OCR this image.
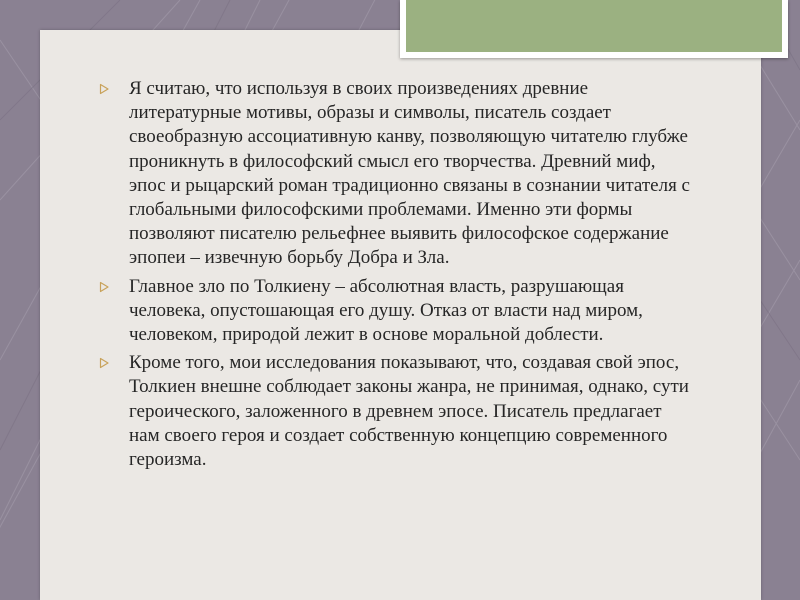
Я считаю, что используя в своих произведениях древние литературные мотивы, образы и символы, писатель создает своеобразную ассоциативную канву, позволяющую читателю глубже проникнуть в философский смысл его творчества. Древний миф, эпос и рыцарский роман традиционно связаны в сознании читателя с глобальными философскими проблемами. Именно эти формы позволяют писателю рельефнее выявить философское содержание эпопеи – извечную борьбу Добра и Зла.
Главное зло по Толкиену – абсолютная власть, разрушающая человека, опустошающая его душу. Отказ от власти над миром, человеком, природой лежит в основе моральной доблести.
Кроме того, мои исследования показывают, что, создавая свой эпос, Толкиен внешне соблюдает законы жанра, не принимая, однако, сути героического, заложенного в древнем эпосе. Писатель предлагает нам своего героя и создает собственную концепцию современного героизма.
